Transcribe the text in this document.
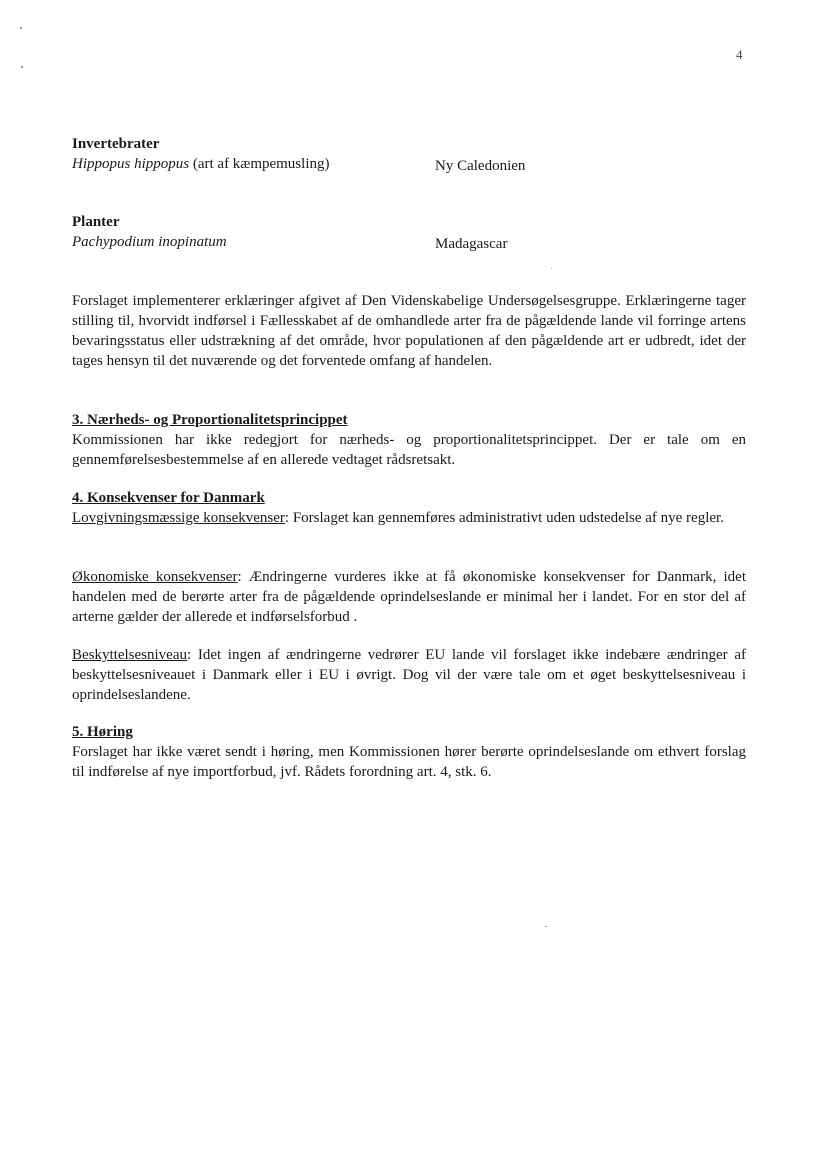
4
Invertebrater
Hippopus hippopus (art af kæmpemusling)	Ny Caledonien
Planter
Pachypodium inopinatum	Madagascar

Forslaget implementerer erklæringer afgivet af Den Videnskabelige Undersøgelsesgruppe. Erklæringerne tager stilling til, hvorvidt indførsel i Fællesskabet af de omhandlede arter fra de pågældende lande vil forringe artens bevaringsstatus eller udstrækning af det område, hvor populationen af den pågældende art er udbredt, idet der tages hensyn til det nuværende og det forventede omfang af handelen.

3. Nærheds- og Proportionalitetsprincippet

Kommissionen har ikke redegjort for nærheds- og proportionalitetsprincippet. Der er tale om en gennemførelsesbestemmelse af en allerede vedtaget rådsretsakt.

4. Konsekvenser for Danmark

Lovgivningsmæssige konsekvenser: Forslaget kan gennemføres administrativt uden udstedelse af nye regler.

Økonomiske konsekvenser: Ændringerne vurderes ikke at få økonomiske konsekvenser for Danmark, idet handelen med de berørte arter fra de pågældende oprindelseslande er minimal her i landet. For en stor del af arterne gælder der allerede et indførselsforbud .

Beskyttelsesniveau: Idet ingen af ændringerne vedrører EU lande vil forslaget ikke indebære ændringer af beskyttelsesniveauet i Danmark eller i EU i øvrigt. Dog vil der være tale om et øget beskyttelsesniveau i oprindelseslandene.

5. Høring

Forslaget har ikke været sendt i høring, men Kommissionen hører berørte oprindelseslande om ethvert forslag til indførelse af nye importforbud, jvf. Rådets forordning art. 4, stk. 6.
